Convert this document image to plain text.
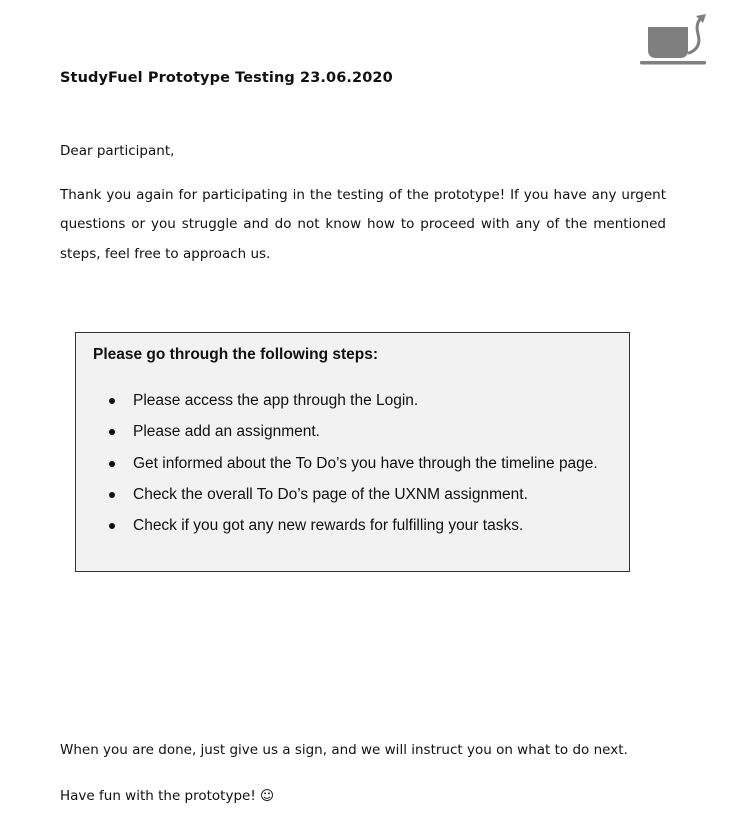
StudyFuel Prototype Testing 23.06.2020
Dear participant,
Thank you again for participating in the testing of the prototype! If you have any urgent questions or you struggle and do not know how to proceed with any of the mentioned steps, feel free to approach us.
Please go through the following steps:
Please access the app through the Login.
Please add an assignment.
Get informed about the To Do’s you have through the timeline page.
Check the overall To Do’s page of the UXNM assignment.
Check if you got any new rewards for fulfilling your tasks.
When you are done, just give us a sign, and we will instruct you on what to do next.
Have fun with the prototype! ☺
